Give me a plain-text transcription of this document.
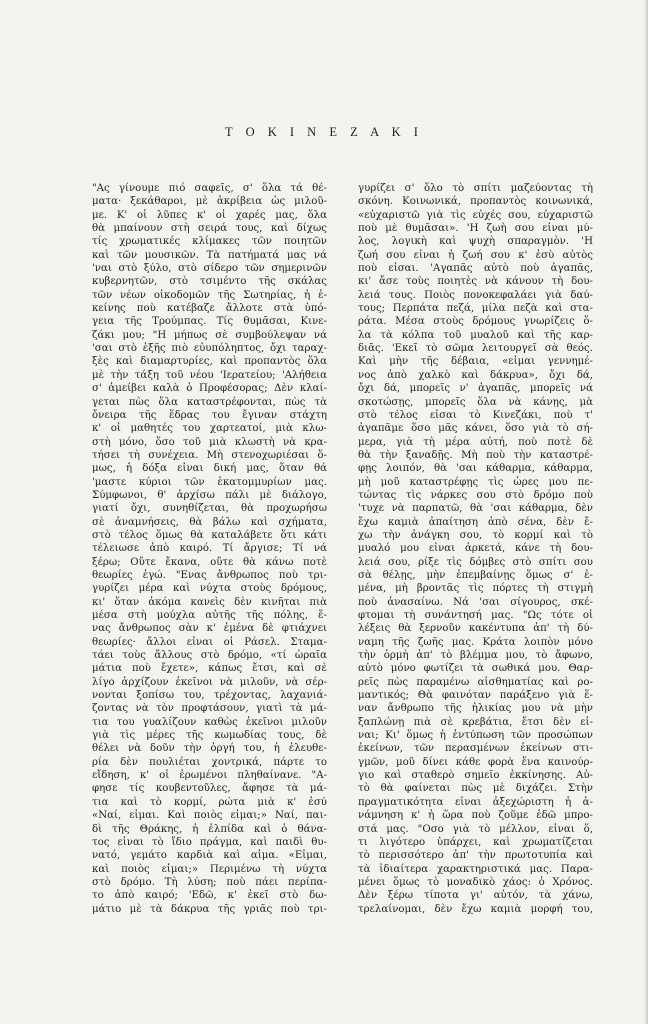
Τ Ο Κ Ι Ν Ε Ζ Α Κ Ι
"Ας γίνουμε πιό σαφεῖς, σ' ὅλα τά θέ-
ματα· ξεκάθαροι, μὲ ἀκρίβεια ὡς μιλοῦ-
με. Κ' οἱ λῦπες κ' οἱ χαρές μας, ὅλα
θὰ μπαίνουν στὴ σειρά τους, καὶ δίχως
τίς χρωματικές κλίμακες τῶν ποιητῶν
καὶ τῶν μουσικῶν. Τὰ πατήματά μας νά
'ναι στὸ ξύλο, στὸ σίδερο τῶν σημερινῶν
κυβερνητῶν, στὸ τσιμέντο τῆς σκάλας
τῶν νέων οἰκοδομῶν τῆς Σωτηρίας, ἡ ἐ-
κείνης ποὺ κατέβαζε ἄλλοτε στὰ ὑπό-
γεια τῆς Τρούμπας. Τίς θυμᾶσαι, Κινε-
ζάκι μου; "Η μήπως σὲ συμβούλεψαν νά
'σαι στὸ ἑξῆς πιὸ εὐυπόληπτος, ὄχι ταραχ-
ξὲς καὶ διαμαρτυρίες, καὶ προπαντὸς ὅλα
μὲ τὴν τάξη τοῦ νέου 'Ιερατείου; 'Αλήθεια
σ' ἀμείβει καλὰ ὁ Προφέσορας; Δὲν κλαί-
γεται πὼς ὅλα καταστρέφονται, πὼς τὰ
ὄνειρα τῆς ἕδρας του ἔγιναν στάχτη
κ' οἱ μαθητές του χαρτεατοί, μιὰ κλω-
στὴ μόνο, ὅσο τοῦ μιὰ κλωστὴ νὰ κρα-
τήσει τὴ συνέχεια. Μὴ στενοχωριέσαι ὅ-
μως, ἡ δόξα εἶναι δική μας, ὅταν θά
'μαστε κύριοι τῶν ἑκατομμυρίων μας.
Σύμφωνοι, θ' ἀρχίσω πάλι μὲ διάλογο,
γιατί ὄχι, συνηθίζεται, θὰ προχωρήσω
σὲ ἀναμνήσεις, θὰ βάλω καὶ σχήματα,
στὸ τέλος ὅμως θὰ καταλάβετε ὅτι κάτι
τέλειωσε ἀπὸ καιρό. Τί ἄργισε; Τί νά
ξέρω; Οὔτε ἔκανα, οὔτε θὰ κάνω ποτὲ
θεωρίες ἐγώ. "Ενας ἄνθρωπος ποὺ τρι-
γυρίζει μέρα καὶ νύχτα στοὺς δρόμους,
κι' ὅταν ἀκόμα κανεὶς δὲν κινῆται πιὰ
μέσα στὴ μούχλα αὐτῆς τῆς πόλης, ἕ-
νας ἄνθρωπος σὰν κ' ἐμένα δὲ φτιάχνει
θεωρίες· ἄλλοι εἶναι οἱ Ράσελ. Σταμα-
τάει τοὺς ἄλλους στὸ δρόμο, «τί ὡραῖα
μάτια ποὺ ἔχετε», κάπως ἔτσι, καὶ σὲ
λίγο ἀρχίζουν ἐκεῖνοι νὰ μιλοῦν, νὰ σέρ-
νονται ξοπίσω του, τρέχοντας, λαχανιά-
ζοντας νὰ τὸν προφτάσουν, γιατὶ τὰ μά-
τια του γυαλίζουν καθὼς ἐκεῖνοι μιλοῦν
γιὰ τὶς μέρες τῆς κωμωδίας τους, δὲ
θέλει νὰ δοῦν τὴν ὀργή του, ἡ ἐλευθε-
ρία δὲν πουλιέται χοντρικά, πάρτε το
εἴδηση, κ' οἱ ἐρωμένοι πληθαίνανε. "Α-
φησε τίς κουβεντοῦλες, ἄφησε τὰ μά-
τια καὶ τὸ κορμί, ρώτα μιὰ κ' ἐσύ
«Ναί, εἶμαι. Καὶ ποιὸς εἶμαι;» Ναί, παι-
δὶ τῆς Θράκης, ἡ ἐλπίδα καὶ ὁ θάνα-
τος εἶναι τὸ ἴδιο πράγμα, καὶ παιδὶ θυ-
νατό, γεμάτο καρδιὰ καὶ αἷμα. «Εἶμαι,
καὶ ποιὸς εἶμαι;» Περιμένω τὴ νύχτα
στὸ δρόμο. Τὴ λύση; ποὺ πάει περίπα-
το ἀπὸ καιρό; 'Εδῶ, κ' ἐκεῖ στὸ δω-
μάτιο μὲ τὰ δάκρυα τῆς γριᾶς ποὺ τρι-
γυρίζει σ' ὅλο τὸ σπίτι μαζεύοντας τὴ
σκόνη. Κοινωνικά, προπαντὸς κοινωνικά,
«εὐχαριστῶ γιὰ τὶς εὐχές σου, εὐχαριστῶ
ποὺ μὲ θυμᾶσαι». 'Η ζωὴ σου εἶναι μύ-
λος, λογικὴ καὶ ψυχὴ σπαραγμὸν. 'Η
ζωή σου εἶναι ἡ ζωή σου κ' ἐσὺ αὐτὸς
ποὺ εἶσαι. 'Αγαπᾶς αὐτὸ ποὺ ἀγαπᾶς,
κι' ἄσε τοὺς ποιητὲς νὰ κάνουν τὴ δου-
λειά τους. Ποιὸς πονοκεφαλάει γιὰ δαύ-
τους; Περπάτα πεζά, μίλα πεζὰ καὶ στα-
ράτα. Μέσα στοὺς δρόμους γνωρίζεις ὅ-
λα τὰ κόλπα τοῦ μυαλοῦ καὶ τῆς καρ-
διᾶς. 'Εκεῖ τὸ σῶμα λειτουργεῖ σὰ θεός.
Καὶ μὴν τῆς δέβαια, «εἶμαι γεννημέ-
νος ἀπὸ χαλκὸ καὶ δάκρυα», ὄχι δά,
ὄχι δά, μπορεῖς ν' ἀγαπᾶς, μπορεῖς νά
σκοτώσῃς, μπορεῖς ὅλα νὰ κάνῃς, μὰ
στὸ τέλος εἶσαι τὸ Κινεζάκι, ποὺ τ'
ἀγαπᾶμε ὅσο μᾶς κάνει, ὅσο γιὰ τὸ σή-
μερα, γιὰ τὴ μέρα αὐτή, ποὺ ποτὲ δὲ
θὰ τὴν ξαναδῇς. Μὴ ποὺ τὴν καταστρέ-
φῃς λοιπόν, θὰ 'σαι κάθαρμα, κάθαρμα,
μὴ μοῦ καταστρέφῃς τὶς ὧρες μου πε-
τώντας τὶς νάρκες σου στὸ δρόμο ποὺ
'τυχε νὰ παρπατῶ, θὰ 'σαι κάθαρμα, δὲν
ἔχω καμιὰ ἀπαίτηση ἀπὸ σένα, δὲν ἔ-
χω τὴν ἀνάγκη σου, τὸ κορμί καὶ τὸ
μυαλό μου εἶναι ἀρκετά, κάνε τὴ δου-
λειά σου, ρίξε τὶς δόμβες στὸ σπίτι σου
σὰ θέλῃς, μὴν ἐπεμβαίνῃς ὅμως σ' ἐ-
μένα, μὴ βροντᾶς τὶς πόρτες τὴ στιγμὴ
ποὺ ἀνασαίνω. Νά 'σαι σίγουρος, σκέ-
φτομαι τὴ συνάντησή μας. "Ως τότε οἱ
λέξεις θὰ ξερνοῦν κακέντυπα ἀπ' τὴ δύ-
ναμη τῆς ζωῆς μας. Κράτα λοιπὸν μόνο
τὴν ὁρμὴ ἀπ' τὸ βλέμμα μου, τὸ ἄφωνο,
αὐτὸ μόνο φωτίζει τὰ σωθικά μου. Θαρ-
ρεῖς πὼς παραμένω αἰσθηματίας καὶ ρο-
μαντικός; Θὰ φαινόταν παράξενο γιὰ ἕ-
ναν ἄνθρωπο τῆς ἡλικίας μου νὰ μὴν
ξαπλώνῃ πιὰ σὲ κρεβάτια, ἔτσι δὲν εἶ-
ναι; Κι' ὅμως ἡ ἐντύπωση τῶν προσώπων
ἐκείνων, τῶν περασμένων ἐκείνων στι-
γμῶν, μοῦ δίνει κάθε φορὰ ἕνα καινούρ-
γιο καὶ σταθερὸ σημεῖο ἐκκίνησης. Αὐ-
τὸ θὰ φαίνεται πὼς μὲ διχάζει. Στὴν
πραγματικότητα εἶναι ἀξεχώριστη ἡ ἀ-
νάμνηση κ' ἡ ὥρα ποὺ ζοῦμε ἐδῶ μπρο-
στά μας. "Οσο γιὰ τὸ μέλλον, εἶναι ὅ,
τι λιγότερο ὑπάρχει, καὶ χρωματίζεται
τὸ περισσότερο ἀπ' τὴν πρωτοτυπία καὶ
τὰ ἰδιαίτερα χαρακτηριστικά μας. Παρα-
μένει ὅμως τὸ μοναδικὸ χάος: ὁ Χρόνος.
Δὲν ξέρω τίποτα γι' αὐτόν, τὰ χάνω,
τρελαίνομαι, δὲν ἔχω καμιὰ μορφή του,
